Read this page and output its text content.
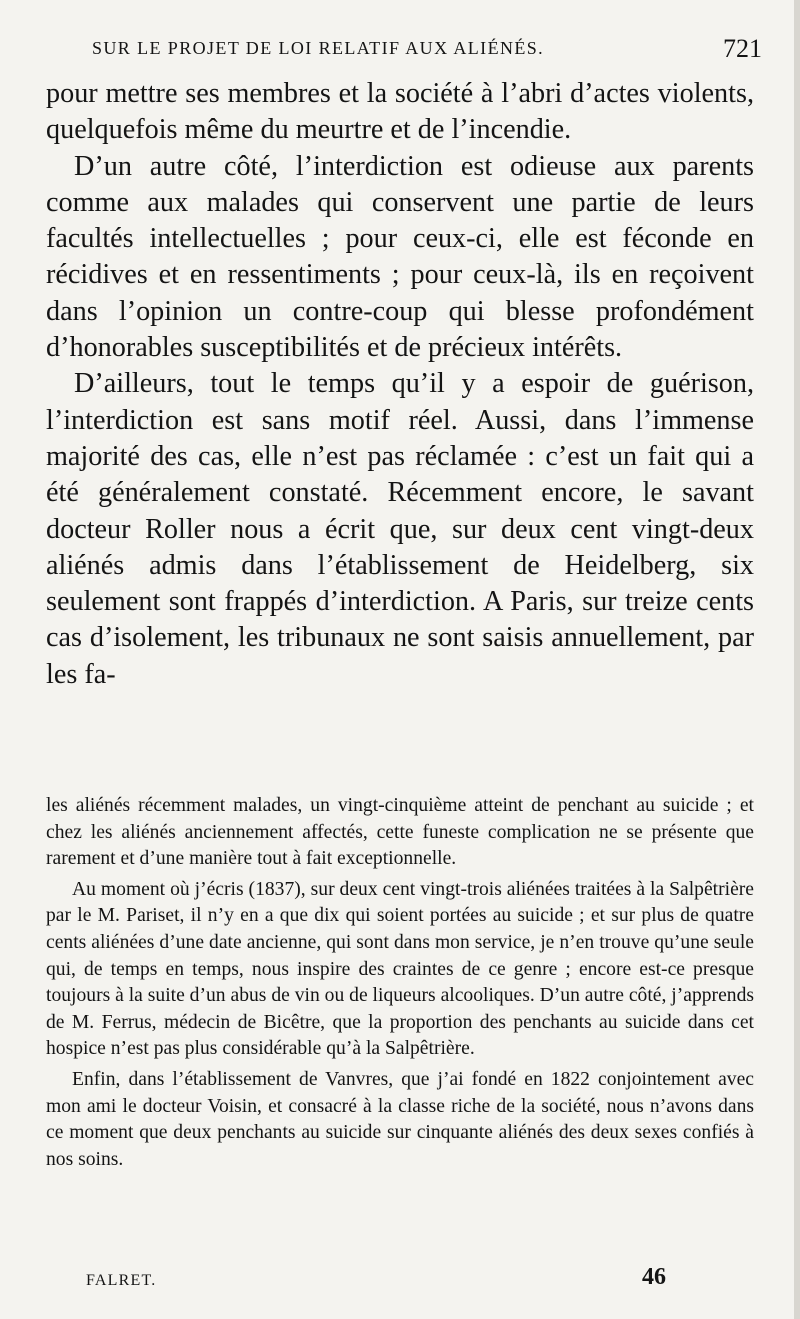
SUR LE PROJET DE LOI RELATIF AUX ALIÉNÉS.	721

pour mettre ses membres et la société à l’abri d’actes violents, quelquefois même du meurtre et de l’incendie.

D’un autre côté, l’interdiction est odieuse aux parents comme aux malades qui conservent une partie de leurs facultés intellectuelles ; pour ceux-ci, elle est féconde en récidives et en ressentiments ; pour ceux-là, ils en reçoivent dans l’opinion un contre-coup qui blesse profondément d’honorables susceptibilités et de précieux intérêts.

D’ailleurs, tout le temps qu’il y a espoir de guérison, l’interdiction est sans motif réel. Aussi, dans l’immense majorité des cas, elle n’est pas réclamée : c’est un fait qui a été généralement constaté. Récemment encore, le savant docteur Roller nous a écrit que, sur deux cent vingt-deux aliénés admis dans l’établissement de Heidelberg, six seulement sont frappés d’interdiction. A Paris, sur treize cents cas d’isolement, les tribunaux ne sont saisis annuellement, par les fa-

les aliénés récemment malades, un vingt-cinquième atteint de penchant au suicide ; et chez les aliénés anciennement affectés, cette funeste complication ne se présente que rarement et d’une manière tout à fait exceptionnelle.

Au moment où j’écris (1837), sur deux cent vingt-trois aliénées traitées à la Salpêtrière par le M. Pariset, il n’y en a que dix qui soient portées au suicide ; et sur plus de quatre cents aliénées d’une date ancienne, qui sont dans mon service, je n’en trouve qu’une seule qui, de temps en temps, nous inspire des craintes de ce genre ; encore est-ce presque toujours à la suite d’un abus de vin ou de liqueurs alcooliques. D’un autre côté, j’apprends de M. Ferrus, médecin de Bicêtre, que la proportion des penchants au suicide dans cet hospice n’est pas plus considérable qu’à la Salpêtrière.

Enfin, dans l’établissement de Vanvres, que j’ai fondé en 1822 conjointement avec mon ami le docteur Voisin, et consacré à la classe riche de la société, nous n’avons dans ce moment que deux penchants au suicide sur cinquante aliénés des deux sexes confiés à nos soins.

FALRET.	46
